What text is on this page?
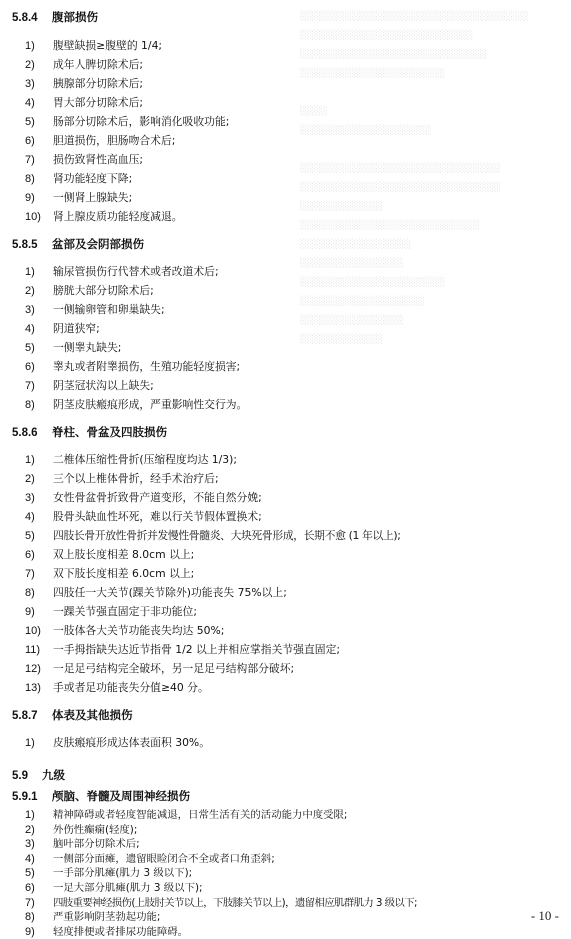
░░░░░░░░░░░░░░░░░░░░░░░░░░░░░░░░░
░░░░░░░░░░░░░░░░░░░░░░░░░
░░░░░░░░░░░░░░░░░░░░░░░░░░░
░░░░░░░░░░░░░░░░░░░░░

░░░░
░░░░░░░░░░░░░░░░░░░

░░░░░░░░░░░░░░░░░░░░░░░░░░░░░
░░░░░░░░░░░░░░░░░░░░░░░░░░░░░
░░░░░░░░░░░░
░░░░░░░░░░░░░░░░░░░░░░░░░░
░░░░░░░░░░░░░░░░
░░░░░░░░░░░░░░░
░░░░░░░░░░░░░░░░░░░░░
░░░░░░░░░░░░░░░░░░
░░░░░░░░░░░░░░░
░░░░░░░░░░░░

5.8.4 腹部损伤
1) 腹壁缺损≥腹壁的 1/4;
2) 成年人脾切除术后;
3) 胰腺部分切除术后;
4) 胃大部分切除术后;
5) 肠部分切除术后，影响消化吸收功能;
6) 胆道损伤，胆肠吻合术后;
7) 损伤致肾性高血压;
8) 肾功能轻度下降;
9) 一侧肾上腺缺失;
10) 肾上腺皮质功能轻度减退。
5.8.5 盆部及会阴部损伤
1) 输尿管损伤行代替术或者改道术后;
2) 膀胱大部分切除术后;
3) 一侧输卵管和卵巢缺失;
4) 阴道狭窄;
5) 一侧睾丸缺失;
6) 睾丸或者附睾损伤，生殖功能轻度损害;
7) 阴茎冠状沟以上缺失;
8) 阴茎皮肤瘢痕形成，严重影响性交行为。
5.8.6 脊柱、骨盆及四肢损伤
1) 二椎体压缩性骨折(压缩程度均达 1/3);
2) 三个以上椎体骨折，经手术治疗后;
3) 女性骨盆骨折致骨产道变形，不能自然分娩;
4) 股骨头缺血性坏死，难以行关节假体置换术;
5) 四肢长骨开放性骨折并发慢性骨髓炎、大块死骨形成，长期不愈 (1 年以上);
6) 双上肢长度相差 8.0cm 以上;
7) 双下肢长度相差 6.0cm 以上;
8) 四肢任一大关节(踝关节除外)功能丧失 75%以上;
9) 一踝关节强直固定于非功能位;
10) 一肢体各大关节功能丧失均达 50%;
11) 一手拇指缺失达近节指骨 1/2 以上并相应掌指关节强直固定;
12) 一足足弓结构完全破坏，另一足足弓结构部分破坏;
13) 手或者足功能丧失分值≥40 分。
5.8.7 体表及其他损伤
1) 皮肤瘢痕形成达体表面积 30%。
5.9 九级
5.9.1 颅脑、脊髓及周围神经损伤
1) 精神障碍或者轻度智能减退，日常生活有关的活动能力中度受限;
2) 外伤性癫痫(轻度);
3) 脑叶部分切除术后;
4) 一侧部分面瘫，遗留眼睑闭合不全或者口角歪斜;
5) 一手部分肌瘫(肌力 3 级以下);
6) 一足大部分肌瘫(肌力 3 级以下);
7) 四肢重要神经损伤(上肢肘关节以上，下肢膝关节以上)，遗留相应肌群肌力 3 级以下;
8) 严重影响阴茎勃起功能;
9) 轻度排便或者排尿功能障碍。
- 10 -
